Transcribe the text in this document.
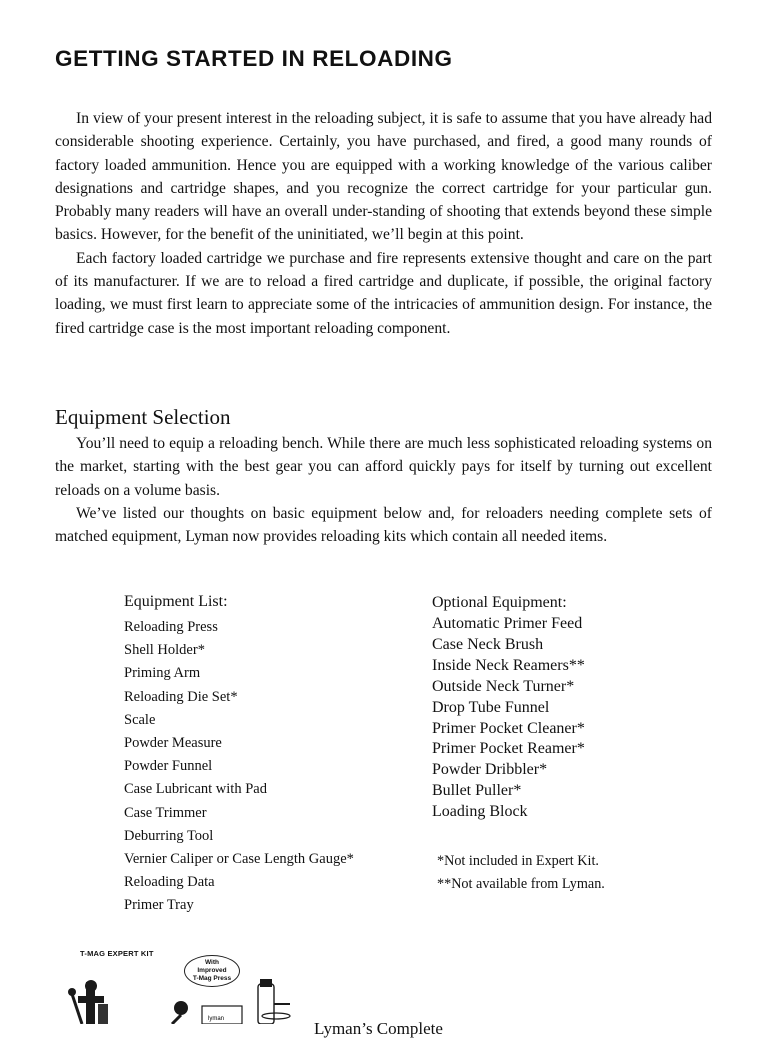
GETTING STARTED IN RELOADING

In view of your present interest in the reloading subject, it is safe to assume that you have already had considerable shooting experience. Certainly, you have purchased, and fired, a good many rounds of factory loaded ammunition. Hence you are equipped with a working knowledge of the various caliber designations and cartridge shapes, and you recognize the correct cartridge for your particular gun. Probably many readers will have an overall under-standing of shooting that extends beyond these simple basics. However, for the benefit of the uninitiated, we’ll begin at this point.

Each factory loaded cartridge we purchase and fire represents extensive thought and care on the part of its manufacturer. If we are to reload a fired cartridge and duplicate, if possible, the original factory loading, we must first learn to appreciate some of the intricacies of ammunition design. For instance, the fired cartridge case is the most important reloading component.

Equipment Selection

You’ll need to equip a reloading bench. While there are much less sophisticated reloading systems on the market, starting with the best gear you can afford quickly pays for itself by turning out excellent reloads on a volume basis.

We’ve listed our thoughts on basic equipment below and, for reloaders needing complete sets of matched equipment, Lyman now provides reloading kits which contain all needed items.

Equipment List:
Reloading Press
Shell Holder*
Priming Arm
Reloading Die Set*
Scale
Powder Measure
Powder Funnel
Case Lubricant with Pad
Case Trimmer
Deburring Tool
Vernier Caliper or Case Length Gauge*
Reloading Data
Primer Tray
Optional Equipment:
Automatic Primer Feed
Case Neck Brush
Inside Neck Reamers**
Outside Neck Turner*
Drop Tube Funnel
Primer Pocket Cleaner*
Primer Pocket Reamer*
Powder Dribbler*
Bullet Puller*
Loading Block
*Not included in Expert Kit.
**Not available from Lyman.
T-MAG EXPERT KIT
With
Improved
T-Mag Press
lyman	Lyman’s Complete
